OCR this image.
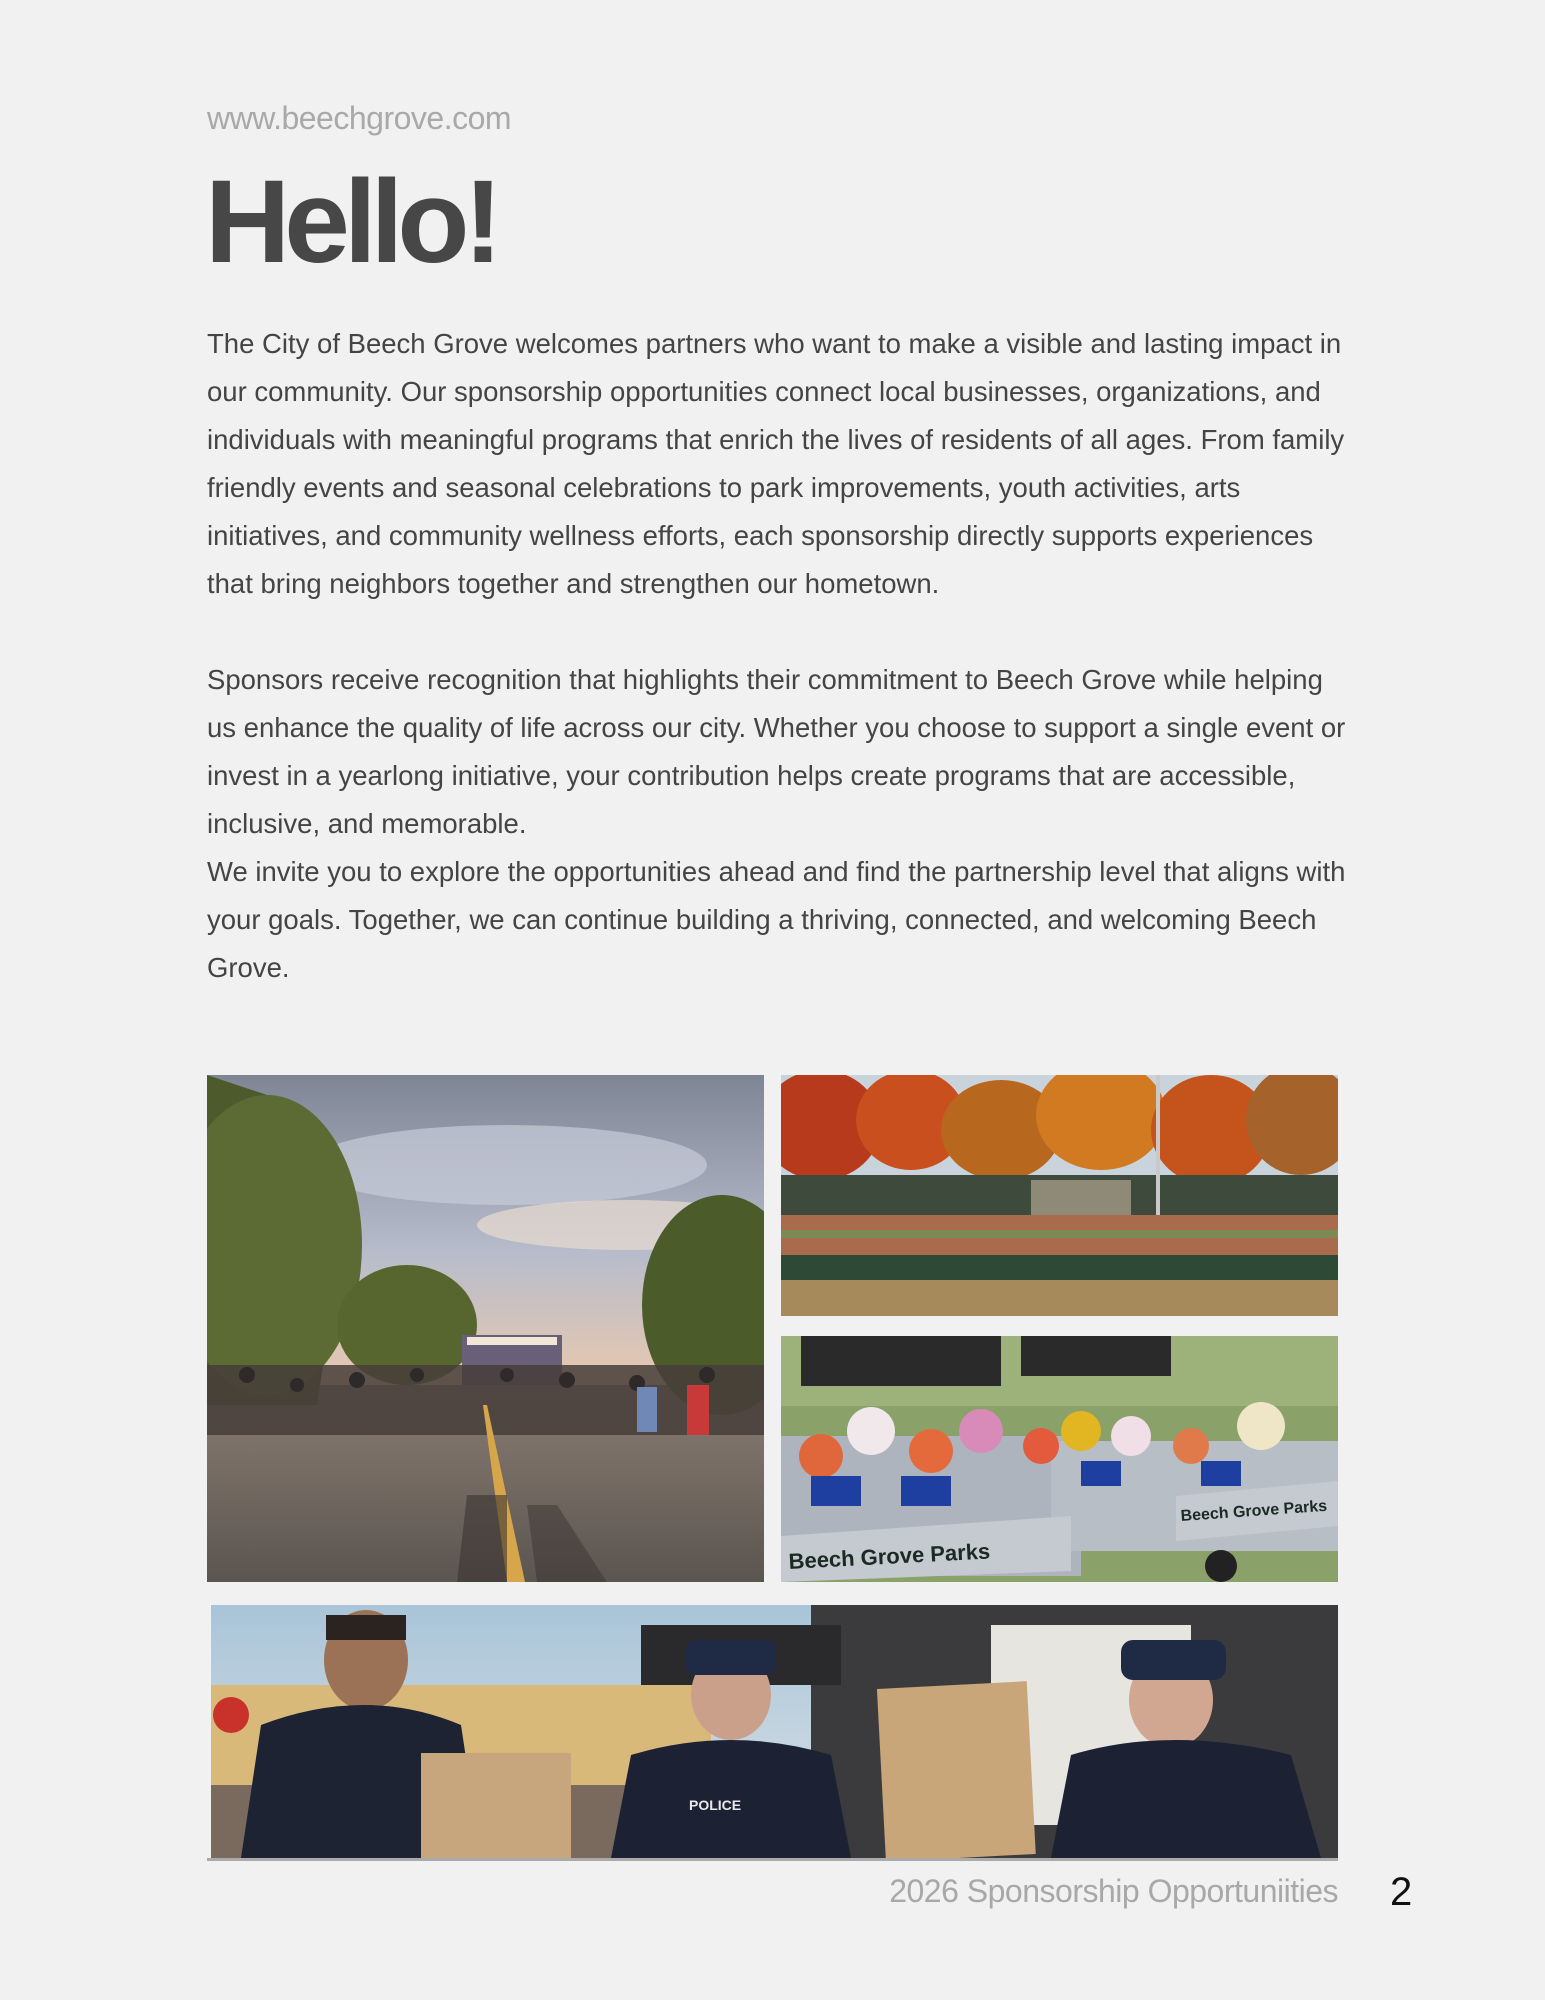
www.beechgrove.com
Hello!

The City of Beech Grove welcomes partners who want to make a visible and lasting impact in our community. Our sponsorship opportunities connect local businesses, organizations, and individuals with meaningful programs that enrich the lives of residents of all ages. From family friendly events and seasonal celebrations to park improvements, youth activities, arts initiatives, and community wellness efforts, each sponsorship directly supports experiences that bring neighbors together and strengthen our hometown.

Sponsors receive recognition that highlights their commitment to Beech Grove while helping us enhance the quality of life across our city. Whether you choose to support a single event or invest in a yearlong initiative, your contribution helps create programs that are accessible, inclusive, and memorable.

We invite you to explore the opportunities ahead and find the partnership level that aligns with your goals. Together, we can continue building a thriving, connected, and welcoming Beech Grove.

Beech Grove Parks
Beech Grove Parks
POLICE
2026 Sponsorship Opportuniities 2
